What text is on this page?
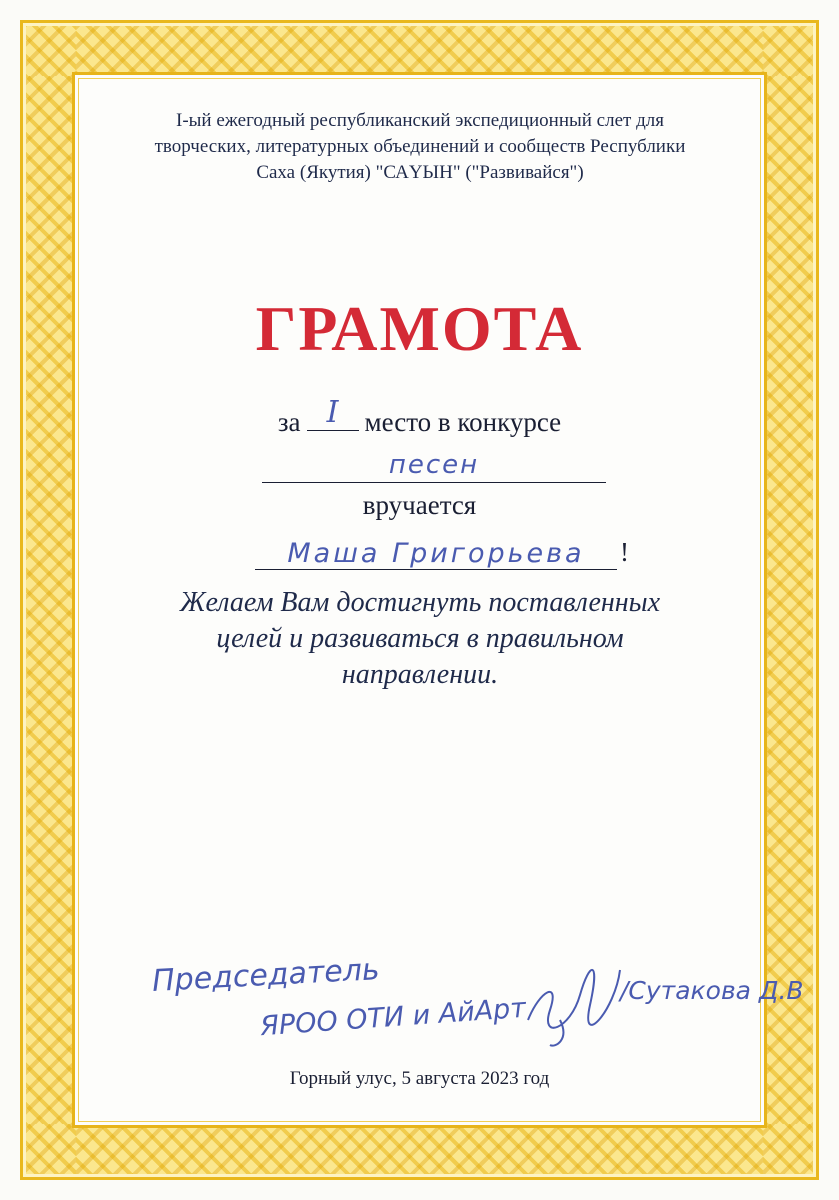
I-ый ежегодный республиканский экспедиционный слет для
творческих, литературных объединений и сообществ Республики
Саха (Якутия) "САҮЫН" ("Развивайся")
ГРАМОТА
за I место в конкурсе
песен
вручается
Маша Григорьева	!
Желаем Вам достигнуть поставленных
целей и развиваться в правильном
направлении.
Председатель
ЯРОО ОТИ и АйАрт
/Сутакова Д.В
Горный улус, 5 августа 2023 год
